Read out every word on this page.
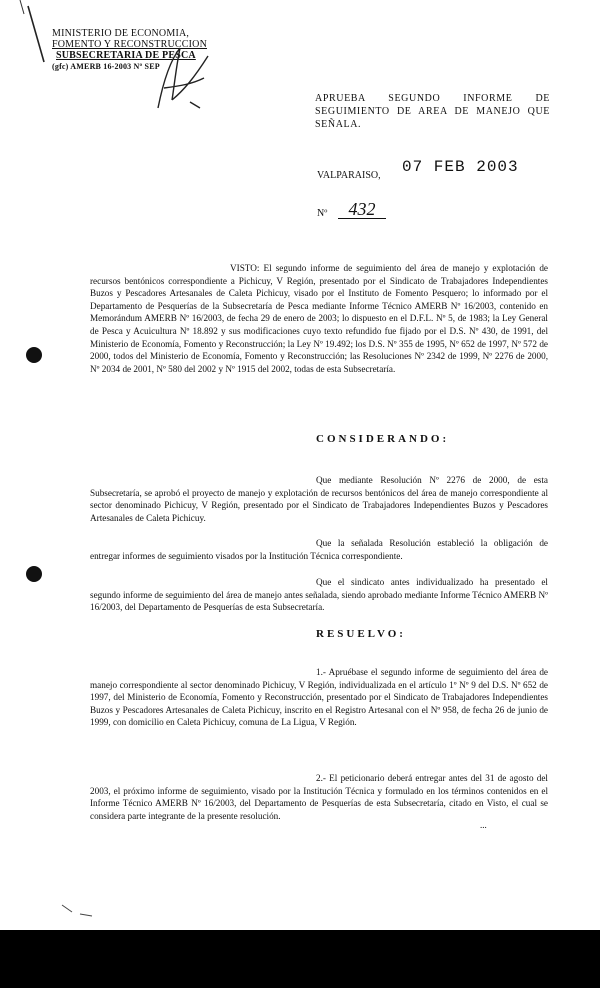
MINISTERIO DE ECONOMIA,
FOMENTO Y RECONSTRUCCION
SUBSECRETARIA DE PESCA
(gfc) AMERB 16-2003 Nº SEP
APRUEBA SEGUNDO INFORME DE SEGUIMIENTO DE AREA DE MANEJO QUE SEÑALA.
VALPARAISO, 07 FEB 2003
Nº	432
VISTO: El segundo informe de seguimiento del área de manejo y explotación de recursos bentónicos correspondiente a Pichicuy, V Región, presentado por el Sindicato de Trabajadores Independientes Buzos y Pescadores Artesanales de Caleta Pichicuy, visado por el Instituto de Fomento Pesquero; lo informado por el Departamento de Pesquerías de la Subsecretaría de Pesca mediante Informe Técnico AMERB Nº 16/2003, contenido en Memorándum AMERB Nº 16/2003, de fecha 29 de enero de 2003; lo dispuesto en el D.F.L. Nº 5, de 1983; la Ley General de Pesca y Acuicultura Nº 18.892 y sus modificaciones cuyo texto refundido fue fijado por el D.S. Nº 430, de 1991, del Ministerio de Economía, Fomento y Reconstrucción; la Ley Nº 19.492; los D.S. Nº 355 de 1995, Nº 652 de 1997, Nº 572 de 2000, todos del Ministerio de Economía, Fomento y Reconstrucción; las Resoluciones Nº 2342 de 1999, Nº 2276 de 2000, Nº 2034 de 2001, Nº 580 del 2002 y Nº 1915 del 2002, todas de esta Subsecretaría.
CONSIDERANDO:
Que mediante Resolución Nº 2276 de 2000, de esta Subsecretaría, se aprobó el proyecto de manejo y explotación de recursos bentónicos del área de manejo correspondiente al sector denominado Pichicuy, V Región, presentado por el Sindicato de Trabajadores Independientes Buzos y Pescadores Artesanales de Caleta Pichicuy.
Que la señalada Resolución estableció la obligación de entregar informes de seguimiento visados por la Institución Técnica correspondiente.
Que el sindicato antes individualizado ha presentado el segundo informe de seguimiento del área de manejo antes señalada, siendo aprobado mediante Informe Técnico AMERB Nº 16/2003, del Departamento de Pesquerías de esta Subsecretaría.
RESUELVO:
1.- Apruébase el segundo informe de seguimiento del área de manejo correspondiente al sector denominado Pichicuy, V Región, individualizada en el artículo 1º Nº 9 del D.S. Nº 652 de 1997, del Ministerio de Economía, Fomento y Reconstrucción, presentado por el Sindicato de Trabajadores Independientes Buzos y Pescadores Artesanales de Caleta Pichicuy, inscrito en el Registro Artesanal con el Nº 958, de fecha 26 de junio de 1999, con domicilio en Caleta Pichicuy, comuna de La Ligua, V Región.
2.- El peticionario deberá entregar antes del 31 de agosto del 2003, el próximo informe de seguimiento, visado por la Institución Técnica y formulado en los términos contenidos en el Informe Técnico AMERB Nº 16/2003, del Departamento de Pesquerías de esta Subsecretaría, citado en Visto, el cual se considera parte integrante de la presente resolución.
...
